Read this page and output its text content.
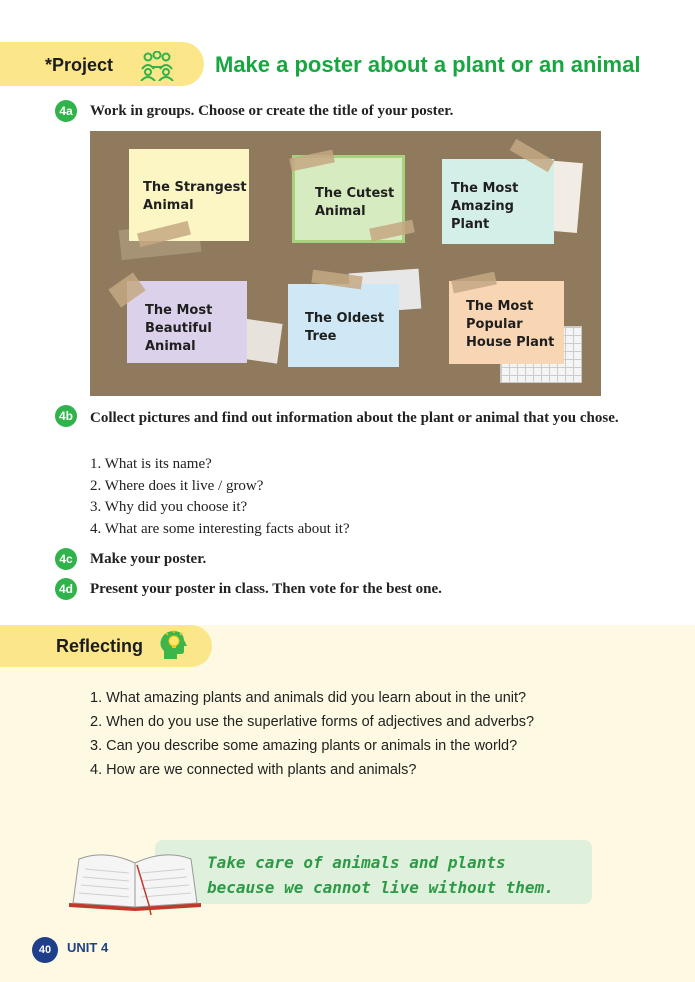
*Project	Make a poster about a plant or an animal
4a Work in groups. Choose or create the title of your poster.
The Strangest Animal
The Cutest Animal
The Most Amazing Plant
The Most Beautiful Animal
The Oldest Tree
The Most Popular House Plant
4b Collect pictures and find out information about the plant or animal that you chose.
1. What is its name?
2. Where does it live / grow?
3. Why did you choose it?
4. What are some interesting facts about it?
4c Make your poster.
4d Present your poster in class. Then vote for the best one.
Reflecting
1. What amazing plants and animals did you learn about in the unit?
2. When do you use the superlative forms of adjectives and adverbs?
3. Can you describe some amazing plants or animals in the world?
4. How are we connected with plants and animals?
Take care of animals and plants because we cannot live without them.
40	UNIT 4
